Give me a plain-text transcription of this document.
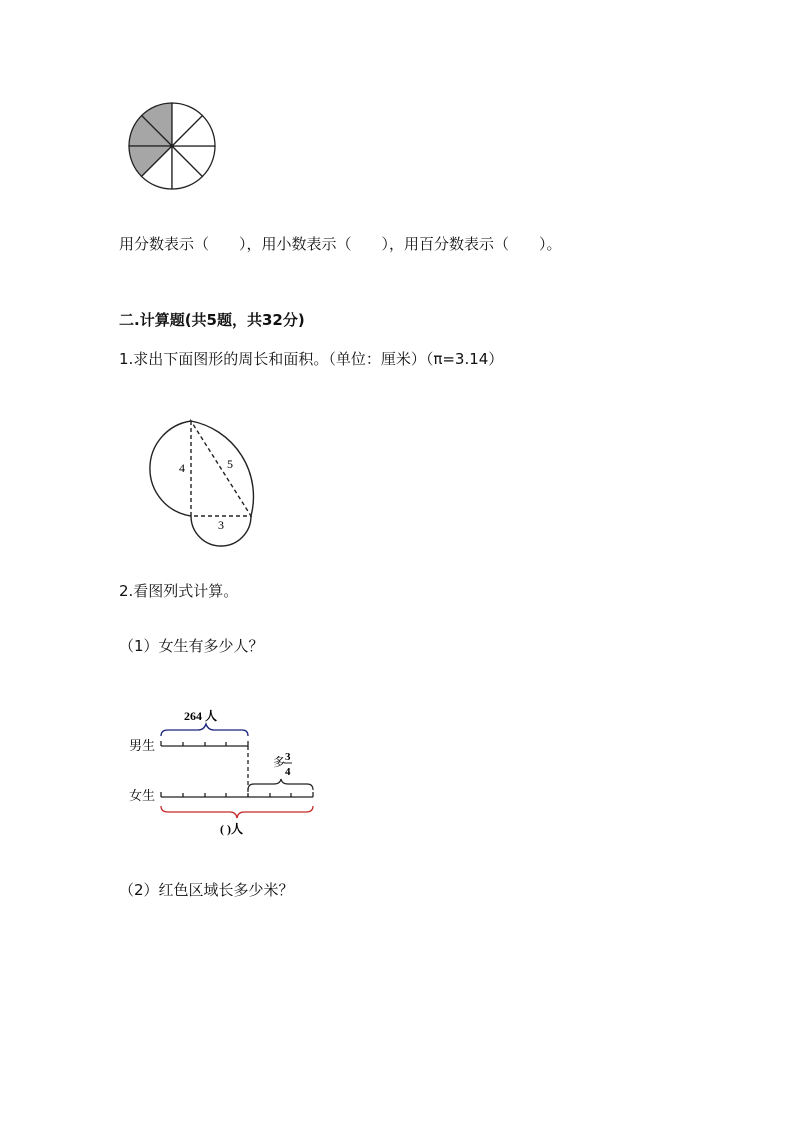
用分数表示（　　），用小数表示（　　），用百分数表示（　　）。
二.计算题(共5题，共32分)
1.求出下面图形的周长和面积。（单位：厘米）（π=3.14）
4	5
3
2.看图列式计算。
（1）女生有多少人？
264 人
男生
多 3
4
女生
( )人
（2）红色区域长多少米？
